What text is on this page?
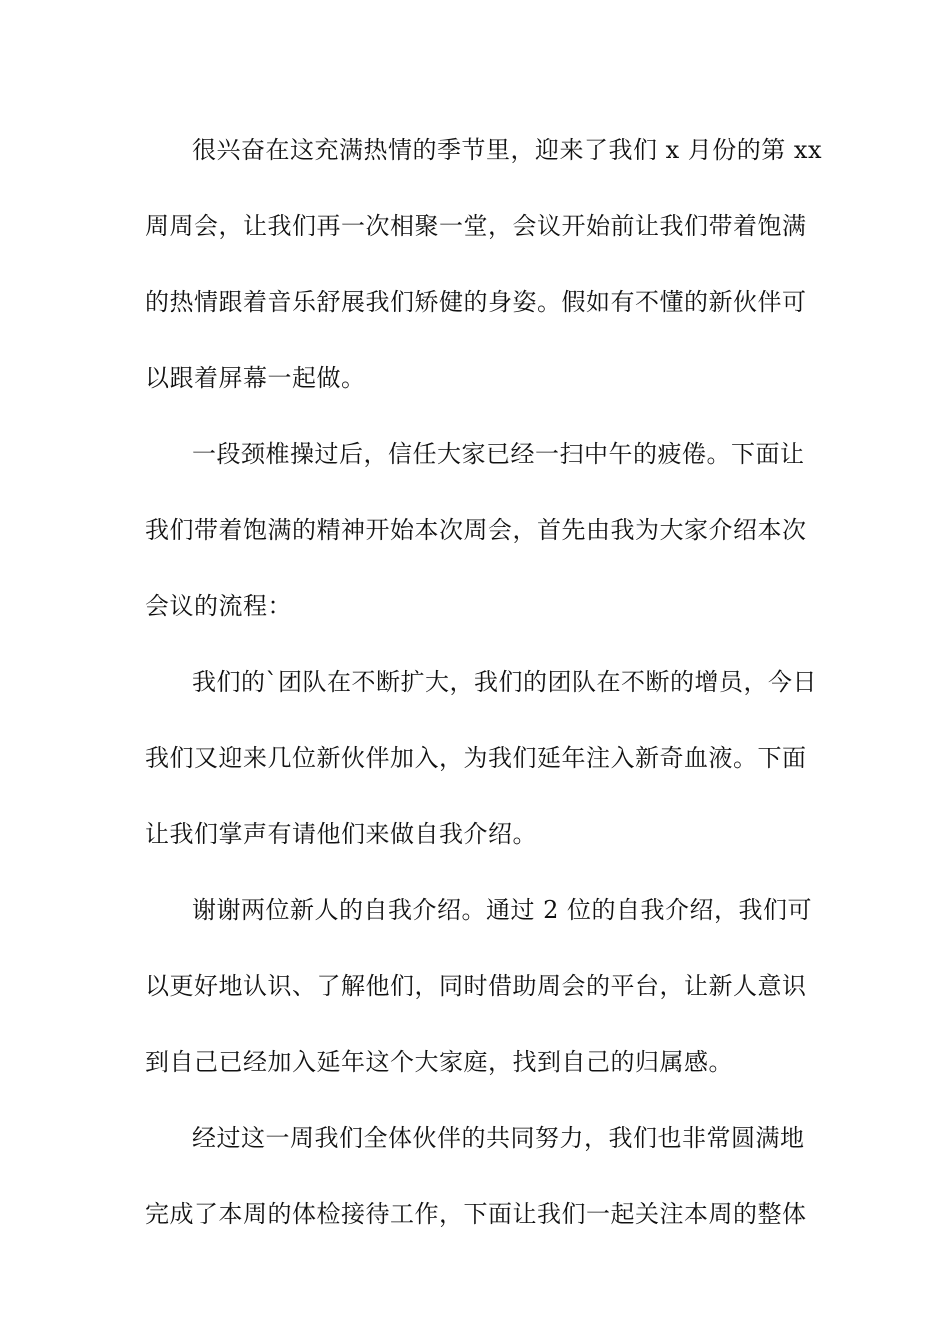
很兴奋在这充满热情的季节里，迎来了我们 x 月份的第 xx
周周会，让我们再一次相聚一堂，会议开始前让我们带着饱满
的热情跟着音乐舒展我们矫健的身姿。假如有不懂的新伙伴可
以跟着屏幕一起做。
一段颈椎操过后，信任大家已经一扫中午的疲倦。下面让
我们带着饱满的精神开始本次周会，首先由我为大家介绍本次
会议的流程：
我们的`团队在不断扩大，我们的团队在不断的增员，今日
我们又迎来几位新伙伴加入，为我们延年注入新奇血液。下面
让我们掌声有请他们来做自我介绍。
谢谢两位新人的自我介绍。通过 2 位的自我介绍，我们可
以更好地认识、了解他们，同时借助周会的平台，让新人意识
到自己已经加入延年这个大家庭，找到自己的归属感。
经过这一周我们全体伙伴的共同努力，我们也非常圆满地
完成了本周的体检接待工作，下面让我们一起关注本周的整体
